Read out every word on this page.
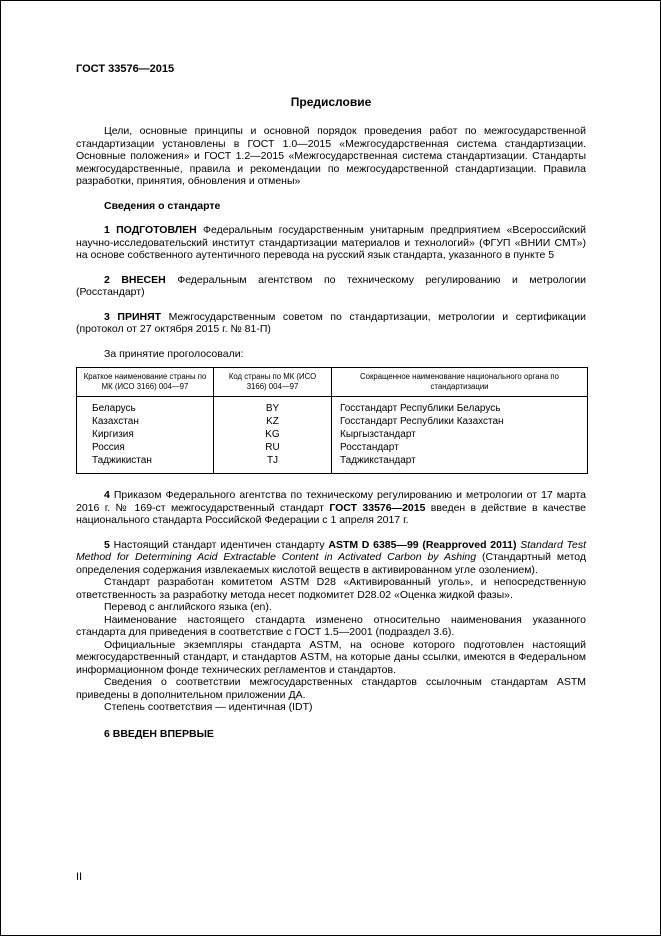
ГОСТ 33576—2015
Предисловие

Цели, основные принципы и основной порядок проведения работ по межгосударственной стандартизации установлены в ГОСТ 1.0—2015 «Межгосударственная система стандартизации. Основные положения» и ГОСТ 1.2—2015 «Межгосударственная система стандартизации. Стандарты межгосударственные, правила и рекомендации по межгосударственной стандартизации. Правила разработки, принятия, обновления и отмены»

Сведения о стандарте

1 ПОДГОТОВЛЕН Федеральным государственным унитарным предприятием «Всероссийский научно-исследовательский институт стандартизации материалов и технологий» (ФГУП «ВНИИ СМТ») на основе собственного аутентичного перевода на русский язык стандарта, указанного в пункте 5

2 ВНЕСЕН Федеральным агентством по техническому регулированию и метрологии (Росстандарт)

3 ПРИНЯТ Межгосударственным советом по стандартизации, метрологии и сертификации (протокол от 27 октября 2015 г. № 81-П)

За принятие проголосовали:

Краткое наименование страны по МК (ИСО 3166) 004—97	Код страны по МК (ИСО 3166) 004—97	Сокращенное наименование национального органа по стандартизации
Беларусь	BY	Госстандарт Республики Беларусь
Казахстан	KZ	Госстандарт Республики Казахстан
Киргизия	KG	Кыргызстандарт
Россия	RU	Росстандарт
Таджикистан	TJ	Таджикстандарт

4 Приказом Федерального агентства по техническому регулированию и метрологии от 17 марта 2016 г. № 169-ст межгосударственный стандарт ГОСТ 33576—2015 введен в действие в качестве национального стандарта Российской Федерации с 1 апреля 2017 г.

5 Настоящий стандарт идентичен стандарту ASTM D 6385—99 (Reapproved 2011) Standard Test Method for Determining Acid Extractable Content in Activated Carbon by Ashing (Стандартный метод определения содержания извлекаемых кислотой веществ в активированном угле озолением).

Стандарт разработан комитетом ASTM D28 «Активированный уголь», и непосредственную ответственность за разработку метода несет подкомитет D28.02 «Оценка жидкой фазы».

Перевод с английского языка (en).

Наименование настоящего стандарта изменено относительно наименования указанного стандарта для приведения в соответствие с ГОСТ 1.5—2001 (подраздел 3.6).

Официальные экземпляры стандарта ASTM, на основе которого подготовлен настоящий межгосударственный стандарт, и стандартов ASTM, на которые даны ссылки, имеются в Федеральном информационном фонде технических регламентов и стандартов.

Сведения о соответствии межгосударственных стандартов ссылочным стандартам ASTM приведены в дополнительном приложении ДА.

Степень соответствия — идентичная (IDT)

6 ВВЕДЕН ВПЕРВЫЕ

II
